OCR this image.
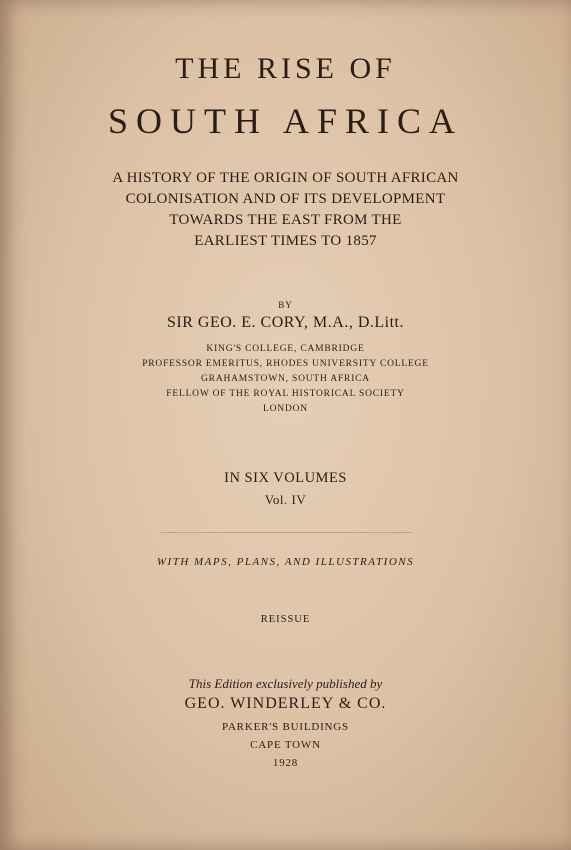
THE RISE OF
SOUTH AFRICA
A HISTORY OF THE ORIGIN OF SOUTH AFRICAN
COLONISATION AND OF ITS DEVELOPMENT
TOWARDS THE EAST FROM THE
EARLIEST TIMES TO 1857
BY
SIR GEO. E. CORY, M.A., D.Litt.
KING'S COLLEGE, CAMBRIDGE
PROFESSOR EMERITUS, RHODES UNIVERSITY COLLEGE
GRAHAMSTOWN, SOUTH AFRICA
FELLOW OF THE ROYAL HISTORICAL SOCIETY
LONDON
IN SIX VOLUMES
Vol. IV
WITH MAPS, PLANS, AND ILLUSTRATIONS
REISSUE
This Edition exclusively published by
GEO. WINDERLEY & CO.
PARKER'S BUILDINGS
CAPE TOWN
1928
